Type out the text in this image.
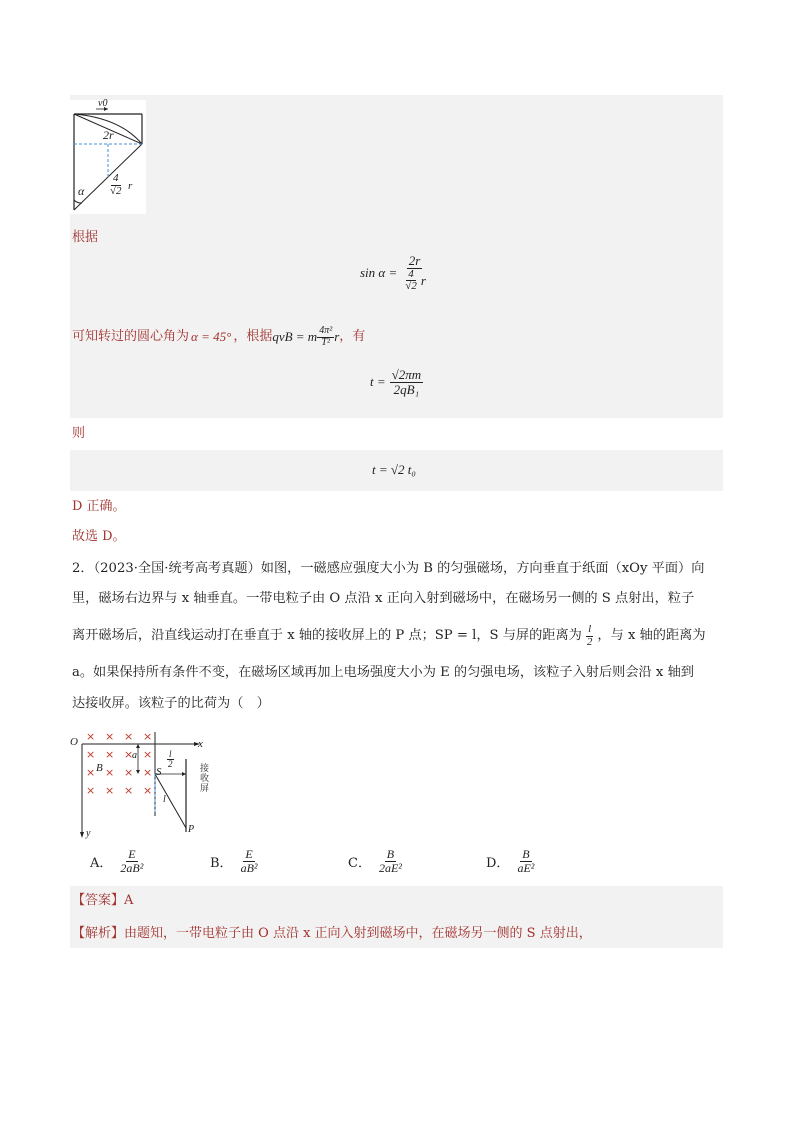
v0
2r
α $\frac{4}{√2}$ r
根据
$\sin \alpha = \frac{2r}{\frac{4}{√2} r}$
可知转过的圆心角为 α = 45° ，根据 qvB = m $\frac{\text{4π²}}{\text{T²}}$ r ，有
$t = \frac{√2\pi m}{\text{2qB₁}}$
则
t = √2 t₀
D 正确。
故选 D。
2．（2023·全国·统考高考真题）如图，一磁感应强度大小为 B 的匀强磁场，方向垂直于纸面（xOy 平面）向
里，磁场右边界与 x 轴垂直。一带电粒子由 O 点沿 x 正向入射到磁场中，在磁场另一侧的 S 点射出，粒子
离开磁场后，沿直线运动打在垂直于 x 轴的接收屏上的 P 点；SP = l，S 与屏的距离为 $\frac{l}{2}$ ，与 x 轴的距离为
a。如果保持所有条件不变，在磁场区域再加上电场强度大小为 E 的匀强电场，该粒子入射后则会沿 x 轴到
达接收屏。该粒子的比荷为（　）
× × × ×
× × × ×
× × × ×
× × × ×
O	x
y
a
B	S
$\frac{l}{2}$
l
P
接
收
屏
A． $\frac{E}{\text{2aB²}}$	B． $\frac{E}{\text{aB²}}$	C． $\frac{B}{\text{2aE²}}$	D． $\frac{B}{\text{aE²}}$
【答案】A
【解析】由题知，一带电粒子由 O 点沿 x 正向入射到磁场中，在磁场另一侧的 S 点射出，
